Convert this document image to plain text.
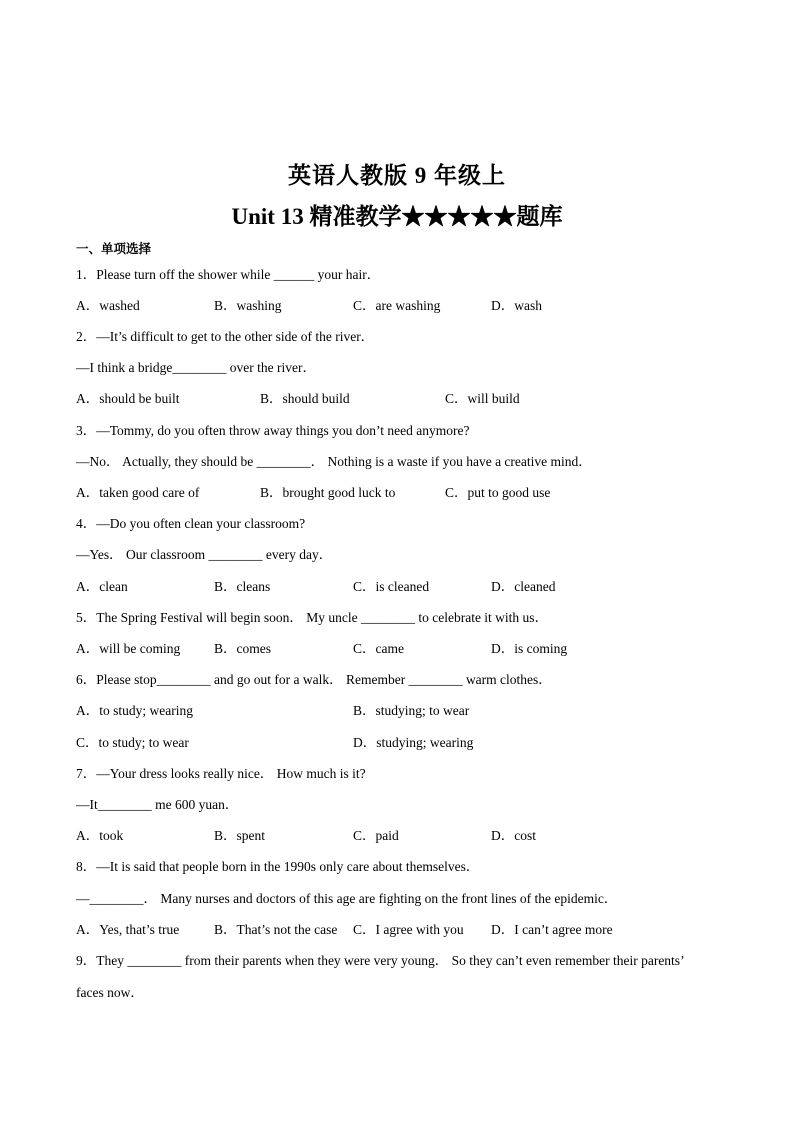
英语人教版 9 年级上
Unit 13 精准教学★★★★★题库
一、单项选择
1．Please turn off the shower while ______ your hair．
A．washed	B．washing	C．are washing	D．wash
2．—It’s difficult to get to the other side of the river．
—I think a bridge________ over the river．
A．should be built	B．should build	C．will build
3．—Tommy, do you often throw away things you don’t need anymore?
—No． Actually, they should be ________． Nothing is a waste if you have a creative mind．
A．taken good care of	B．brought good luck to	C．put to good use
4．—Do you often clean your classroom?
—Yes． Our classroom ________ every day．
A．clean	B．cleans	C．is cleaned	D．cleaned
5．The Spring Festival will begin soon． My uncle ________ to celebrate it with us．
A．will be coming	B．comes	C．came	D．is coming
6．Please stop________ and go out for a walk． Remember ________ warm clothes．
A．to study; wearing	B．studying; to wear
C．to study; to wear	D．studying; wearing
7．—Your dress looks really nice． How much is it?
—It________ me 600 yuan．
A．took	B．spent	C．paid	D．cost
8．—It is said that people born in the 1990s only care about themselves．
—________． Many nurses and doctors of this age are fighting on the front lines of the epidemic．
A．Yes, that’s true	B．That’s not the case C．I agree with you D．I can’t agree more
9．They ________ from their parents when they were very young． So they can’t even remember their parents’
faces now．
